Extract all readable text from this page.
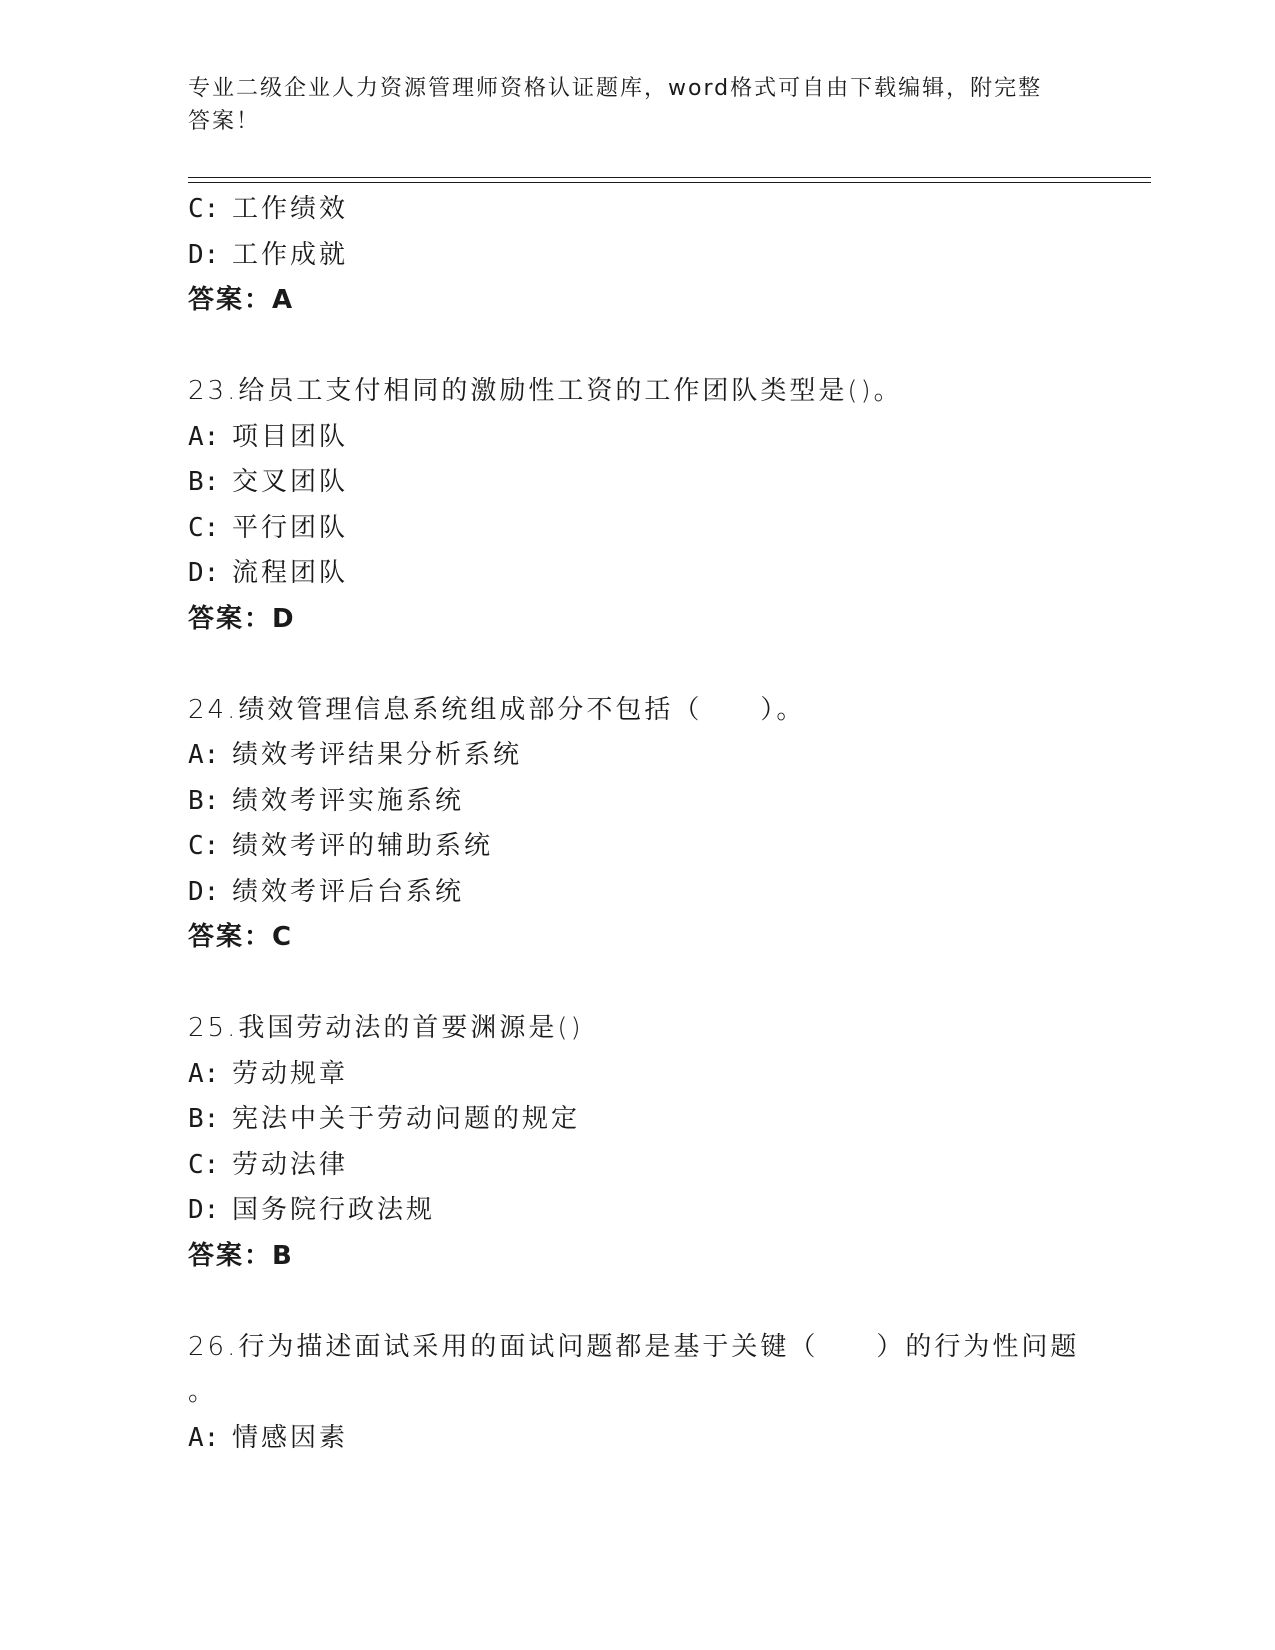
专业二级企业人力资源管理师资格认证题库，word格式可自由下载编辑，附完整
答案！
C: 工作绩效
D: 工作成就
答案：A
23.给员工支付相同的激励性工资的工作团队类型是()。
A: 项目团队
B: 交叉团队
C: 平行团队
D: 流程团队
答案：D
24.绩效管理信息系统组成部分不包括（　　）。
A: 绩效考评结果分析系统
B: 绩效考评实施系统
C: 绩效考评的辅助系统
D: 绩效考评后台系统
答案：C
25.我国劳动法的首要渊源是()
A: 劳动规章
B: 宪法中关于劳动问题的规定
C: 劳动法律
D: 国务院行政法规
答案：B
26.行为描述面试采用的面试问题都是基于关键（　　）的行为性问题
。
A: 情感因素
